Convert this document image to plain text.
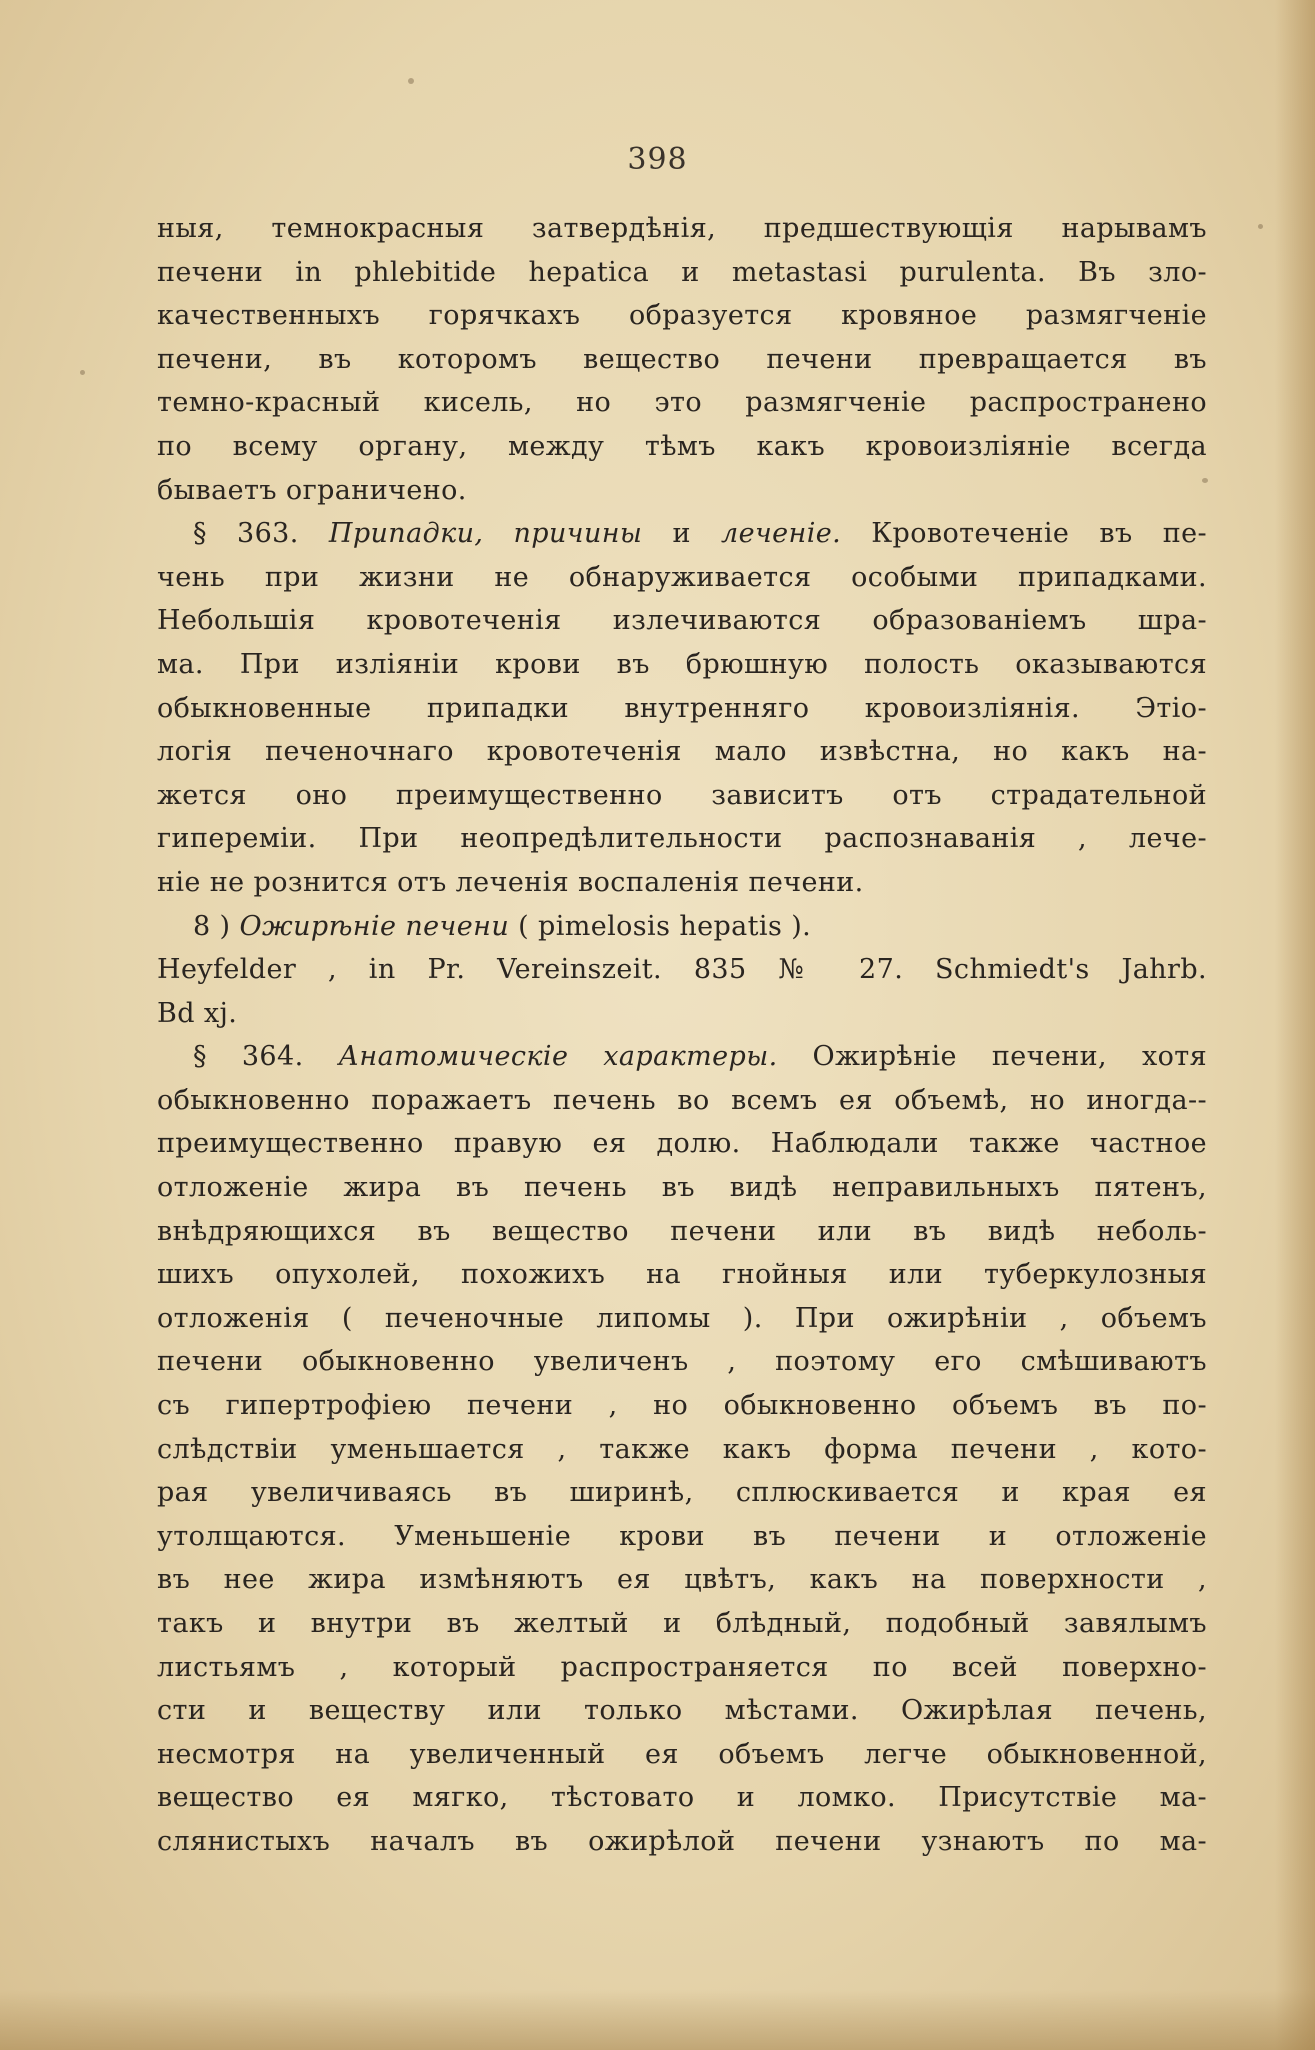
398
ныя, темнокрасныя затвердѣнія, предшествующія нарывамъ
печени in phlebitide hepatica и metastasi purulenta. Въ зло-
качественныхъ горячкахъ образуется кровяное размягченіе
печени, въ которомъ вещество печени превращается въ
темно-красный кисель, но это размягченіе распространено
по всему органу, между тѣмъ какъ кровоизліяніе всегда
бываетъ ограничено.
§ 363. Припадки, причины и леченіе. Кровотеченіе въ пе-
чень при жизни не обнаруживается особыми припадками.
Небольшія кровотеченія излечиваются образованіемъ шра-
ма. При изліяніи крови въ брюшную полость оказываются
обыкновенные припадки внутренняго кровоизліянія. Этіо-
логія печеночнаго кровотеченія мало извѣстна, но какъ на-
жется оно преимущественно зависитъ отъ страдательной
гипереміи. При неопредѣлительности распознаванія , лече-
ніе не рознится отъ леченія воспаленія печени.
8 ) Ожирѣніе печени ( pimelosis hepatis ).
Heyfelder , in Pr. Vereinszeit. 835 № 27. Schmiedt's Jahrb.
Bd xj.
§ 364. Анатомическіе характеры. Ожирѣніе печени, хотя
обыкновенно поражаетъ печень во всемъ ея объемѣ, но иногда--
преимущественно правую ея долю. Наблюдали также частное
отложеніе жира въ печень въ видѣ неправильныхъ пятенъ,
внѣдряющихся въ вещество печени или въ видѣ неболь-
шихъ опухолей, похожихъ на гнойныя или туберкулозныя
отложенія ( печеночные липомы ). При ожирѣніи , объемъ
печени обыкновенно увеличенъ , поэтому его смѣшиваютъ
съ гипертрофіею печени , но обыкновенно объемъ въ по-
слѣдствіи уменьшается , также какъ форма печени , кото-
рая увеличиваясь въ ширинѣ, сплюскивается и края ея
утолщаются. Уменьшеніе крови въ печени и отложеніе
въ нее жира измѣняютъ ея цвѣтъ, какъ на поверхности ,
такъ и внутри въ желтый и блѣдный, подобный завялымъ
листьямъ , который распространяется по всей поверхно-
сти и веществу или только мѣстами. Ожирѣлая печень,
несмотря на увеличенный ея объемъ легче обыкновенной,
вещество ея мягко, тѣстовато и ломко. Присутствіе ма-
слянистыхъ началъ въ ожирѣлой печени узнаютъ по ма-
